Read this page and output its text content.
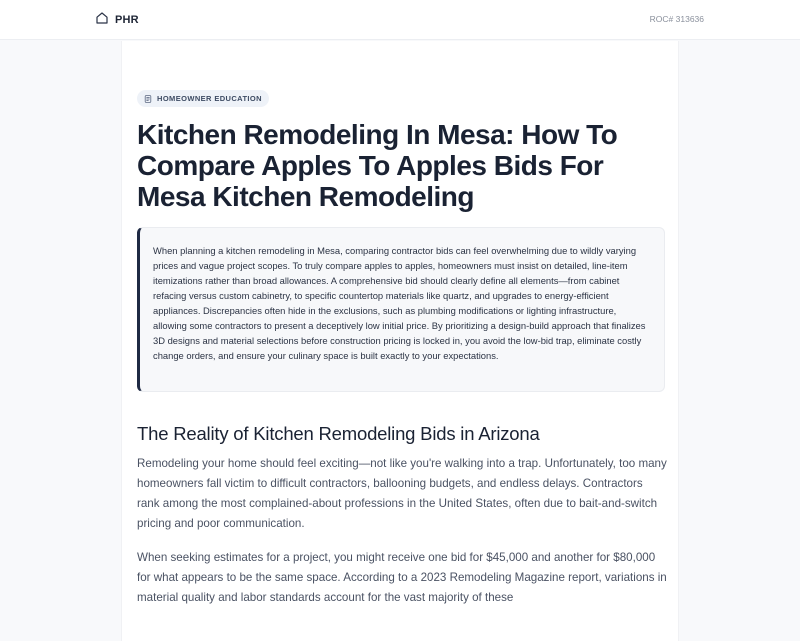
PHR	ROC# 313636
HOMEOWNER EDUCATION
Kitchen Remodeling In Mesa: How To Compare Apples To Apples Bids For Mesa Kitchen Remodeling

When planning a kitchen remodeling in Mesa, comparing contractor bids can feel overwhelming due to wildly varying prices and vague project scopes. To truly compare apples to apples, homeowners must insist on detailed, line-item itemizations rather than broad allowances. A comprehensive bid should clearly define all elements—from cabinet refacing versus custom cabinetry, to specific countertop materials like quartz, and upgrades to energy-efficient appliances. Discrepancies often hide in the exclusions, such as plumbing modifications or lighting infrastructure, allowing some contractors to present a deceptively low initial price. By prioritizing a design-build approach that finalizes 3D designs and material selections before construction pricing is locked in, you avoid the low-bid trap, eliminate costly change orders, and ensure your culinary space is built exactly to your expectations.

The Reality of Kitchen Remodeling Bids in Arizona

Remodeling your home should feel exciting—not like you're walking into a trap. Unfortunately, too many homeowners fall victim to difficult contractors, ballooning budgets, and endless delays. Contractors rank among the most complained-about professions in the United States, often due to bait-and-switch pricing and poor communication.

When seeking estimates for a project, you might receive one bid for $45,000 and another for $80,000 for what appears to be the same space. According to a 2023 Remodeling Magazine report, variations in material quality and labor standards account for the vast majority of these
